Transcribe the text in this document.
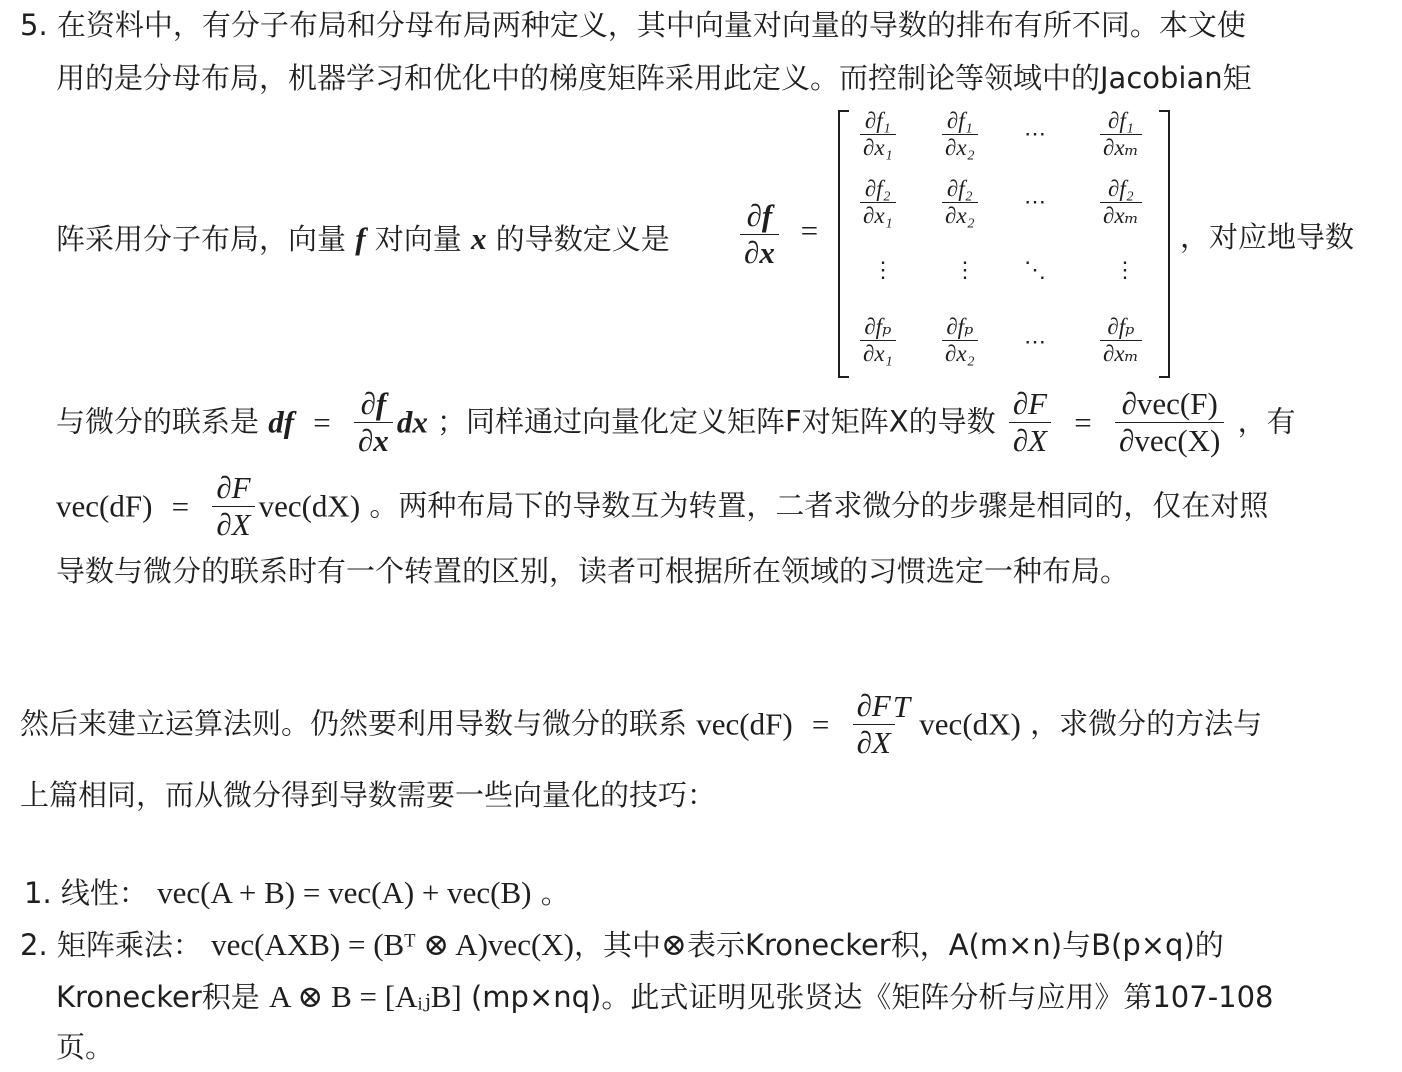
5. 在资料中，有分子布局和分母布局两种定义，其中向量对向量的导数的排布有所不同。本文使
用的是分母布局，机器学习和优化中的梯度矩阵采用此定义。而控制论等领域中的Jacobian矩
阵采用分子布局，向量 f 对向量 x 的导数定义是 $\frac{\partial f}{\partial x}$ =
$\frac{\text{∂f₁}}{\text{∂x₁}} \frac{\text{∂f₁}}{\text{∂x₂}}$ ⋯ $\frac{\text{∂f₁}}{\text{∂xₘ}}$
$\frac{\text{∂f₂}}{\text{∂x₁}} \frac{\text{∂f₂}}{\text{∂x₂}}$ ⋯ $\frac{\text{∂f₂}}{\text{∂xₘ}}$
⋮	⋮ ⋱	⋮
$\frac{\text{∂fₚ}}{\text{∂x₁}} \frac{\text{∂fₚ}}{\text{∂x₂}}$ ⋯ $\frac{\text{∂fₚ}}{\text{∂xₘ}}$
，对应地导数
与微分的联系是 df = $\frac{\partial f}{\partial x}$ dx ；同样通过向量化定义矩阵F对矩阵X的导数 $\frac{\partial F}{\partial X} = \frac{\text{∂vec(F)}}{\text{∂vec(X)}}$ ，有
$vec(dF) = \frac{\partial F}{\partial X} vec(dX)$ 。两种布局下的导数互为转置，二者求微分的步骤是相同的，仅在对照
导数与微分的联系时有一个转置的区别，读者可根据所在领域的习惯选定一种布局。
然后来建立运算法则。仍然要利用导数与微分的联系 $vec(dF) = \frac{\partial F}{\partial X}$
$^T$ vec(dX) ，求微分的方法与
上篇相同，而从微分得到导数需要一些向量化的技巧：
1. 线性： vec(A + B) = vec(A) + vec(B) 。
2. 矩阵乘法： vec(AXB) = (Bᵀ ⊗ A)vec(X)，其中⊗表示Kronecker积，A(m×n)与B(p×q)的
Kronecker积是 A ⊗ B = [AᵢⱼB] (mp×nq)。此式证明见张贤达《矩阵分析与应用》第107-108
页。
